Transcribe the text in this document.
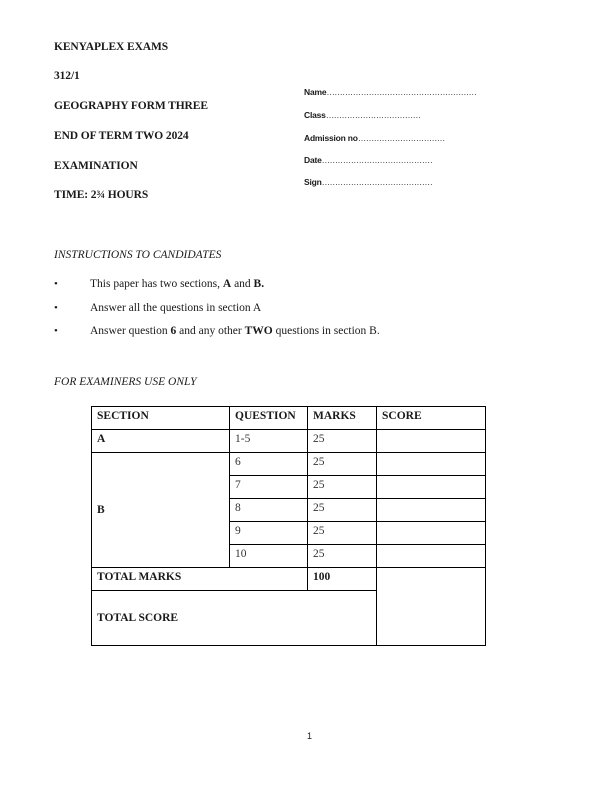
KENYAPLEX EXAMS
312/1
GEOGRAPHY FORM THREE
END OF TERM TWO 2024
EXAMINATION
TIME: 2¾ HOURS
Name…………………………………………………
Class………………………………
Admission no……………………………
Date……………………………………
Sign……………………………………
INSTRUCTIONS TO CANDIDATES
•	This paper has two sections, A and B.
•	Answer all the questions in section A
•	Answer question 6 and any other TWO questions in section B.
FOR EXAMINERS USE ONLY
SECTION	QUESTION	MARKS	SCORE
A	1-5	25	
B	6	25	
	7	25	
	8	25	
	9	25	
	10	25	
TOTAL MARKS		100	
TOTAL SCORE			
1
